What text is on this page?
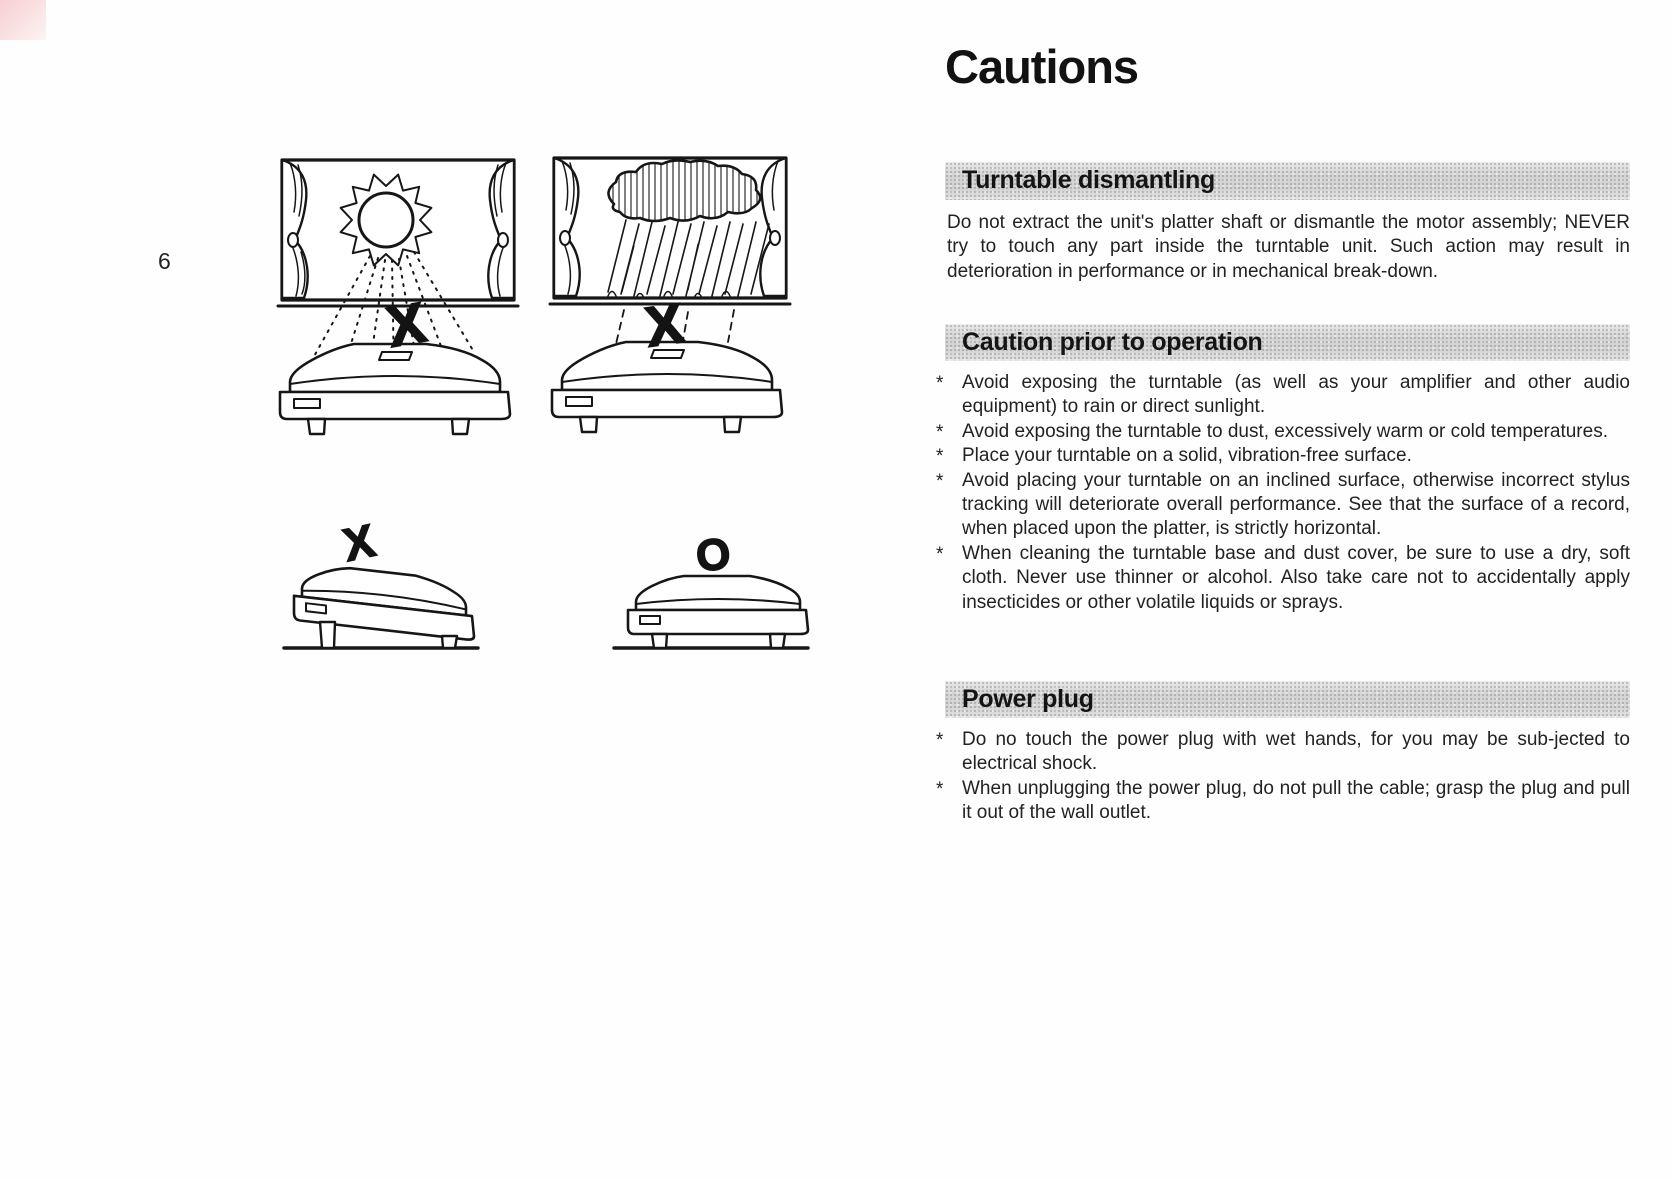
6
X	X
X	O
Cautions
Turntable dismantling

Do not extract the unit's platter shaft or dismantle the motor assembly; NEVER try to touch any part inside the turntable unit. Such action may result in deterioration in performance or in mechanical break-down.

Caution prior to operation
* Avoid exposing the turntable (as well as your amplifier and other audio equipment) to rain or direct sunlight.
* Avoid exposing the turntable to dust, excessively warm or cold temperatures.
* Place your turntable on a solid, vibration-free surface.
* Avoid placing your turntable on an inclined surface, otherwise incorrect stylus tracking will deteriorate overall performance. See that the surface of a record, when placed upon the platter, is strictly horizontal.
* When cleaning the turntable base and dust cover, be sure to use a dry, soft cloth. Never use thinner or alcohol. Also take care not to accidentally apply insecticides or other volatile liquids or sprays.
Power plug
* Do no touch the power plug with wet hands, for you may be sub-jected to electrical shock.
* When unplugging the power plug, do not pull the cable; grasp the plug and pull it out of the wall outlet.
